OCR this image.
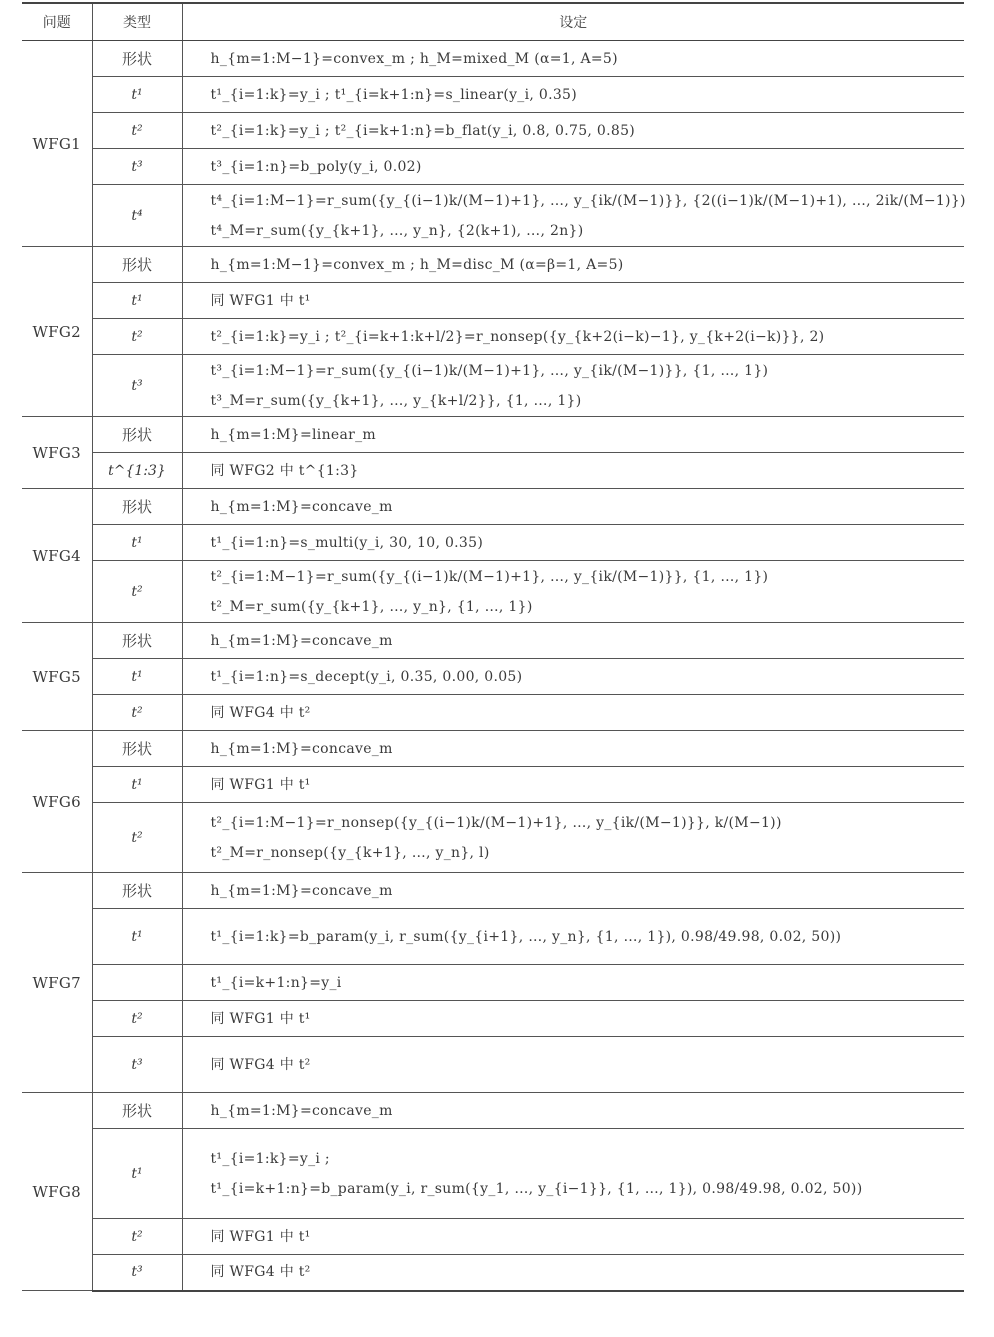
问题	类型	设定
WFG1	形状	h_{m=1:M−1}=convex_m ; h_M=mixed_M (α=1, A=5)

	t¹	t¹_{i=1:k}=y_i ; t¹_{i=k+1:n}=s_linear(y_i, 0.35)

	t²	t²_{i=1:k}=y_i ; t²_{i=k+1:n}=b_flat(y_i, 0.8, 0.75, 0.85)

	t³	t³_{i=1:n}=b_poly(y_i, 0.02)

	t⁴	t⁴_{i=1:M−1}=r_sum({y_{(i−1)k/(M−1)+1}, …, y_{ik/(M−1)}}, {2((i−1)k/(M−1)+1), …, 2ik/(M−1)})
t⁴_M=r_sum({y_{k+1}, …, y_n}, {2(k+1), …, 2n})

WFG2	形状	h_{m=1:M−1}=convex_m ; h_M=disc_M (α=β=1, A=5)

	t¹	同 WFG1 中 t¹

	t²	t²_{i=1:k}=y_i ; t²_{i=k+1:k+l/2}=r_nonsep({y_{k+2(i−k)−1}, y_{k+2(i−k)}}, 2)

	t³	t³_{i=1:M−1}=r_sum({y_{(i−1)k/(M−1)+1}, …, y_{ik/(M−1)}}, {1, …, 1})
t³_M=r_sum({y_{k+1}, …, y_{k+l/2}}, {1, …, 1})

WFG3	形状	h_{m=1:M}=linear_m

	t^{1:3}	同 WFG2 中 t^{1:3}

WFG4	形状	h_{m=1:M}=concave_m

	t¹	t¹_{i=1:n}=s_multi(y_i, 30, 10, 0.35)

	t²	t²_{i=1:M−1}=r_sum({y_{(i−1)k/(M−1)+1}, …, y_{ik/(M−1)}}, {1, …, 1})
t²_M=r_sum({y_{k+1}, …, y_n}, {1, …, 1})

WFG5	形状	h_{m=1:M}=concave_m

	t¹	t¹_{i=1:n}=s_decept(y_i, 0.35, 0.00, 0.05)

	t²	同 WFG4 中 t²

WFG6	形状	h_{m=1:M}=concave_m

	t¹	同 WFG1 中 t¹

	t²	t²_{i=1:M−1}=r_nonsep({y_{(i−1)k/(M−1)+1}, …, y_{ik/(M−1)}}, k/(M−1))
t²_M=r_nonsep({y_{k+1}, …, y_n}, l)

WFG7	形状	h_{m=1:M}=concave_m

	t¹	t¹_{i=1:k}=b_param(y_i, r_sum({y_{i+1}, …, y_n}, {1, …, 1}), 0.98/49.98, 0.02, 50))

		t¹_{i=k+1:n}=y_i

	t²	同 WFG1 中 t¹

	t³	同 WFG4 中 t²

WFG8	形状	h_{m=1:M}=concave_m

	t¹	t¹_{i=1:k}=y_i ;
t¹_{i=k+1:n}=b_param(y_i, r_sum({y_1, …, y_{i−1}}, {1, …, 1}), 0.98/49.98, 0.02, 50))

	t²	同 WFG1 中 t¹

	t³	同 WFG4 中 t²
